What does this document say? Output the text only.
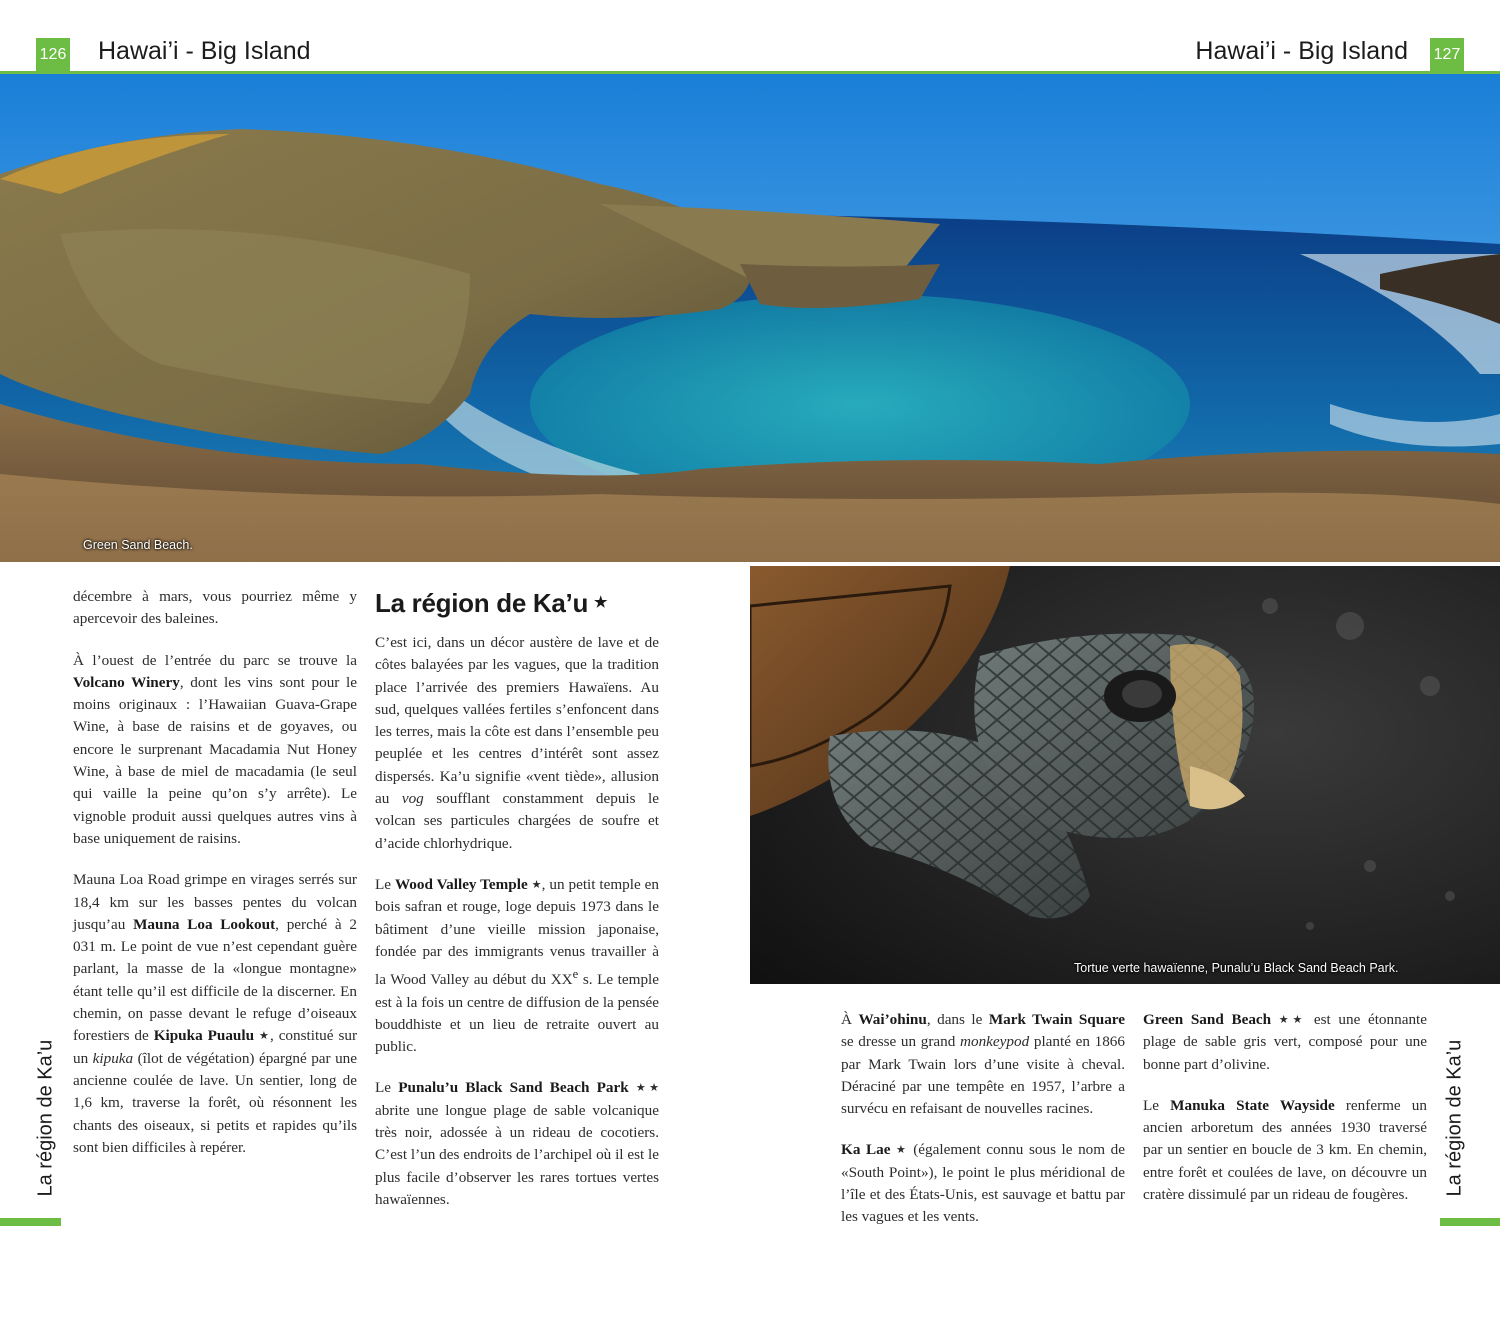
126 Hawai’i - Big Island	Hawai’i - Big Island 127
Green Sand Beach.
Tortue verte hawaïenne, Punalu’u Black Sand Beach Park.

décembre à mars, vous pourriez même y apercevoir des baleines.

À l’ouest de l’entrée du parc se trouve la Volcano Winery, dont les vins sont pour le moins originaux : l’Hawaiian Guava-Grape Wine, à base de raisins et de goyaves, ou encore le surprenant Macadamia Nut Honey Wine, à base de miel de macadamia (le seul qui vaille la peine qu’on s’y arrête). Le vignoble produit aussi quelques autres vins à base uniquement de raisins.

Mauna Loa Road grimpe en virages serrés sur 18,4 km sur les basses pentes du volcan jusqu’au Mauna Loa Lookout, perché à 2 031 m. Le point de vue n’est cependant guère parlant, la masse de la «longue montagne» étant telle qu’il est difficile de la discerner. En chemin, on passe devant le refuge d’oiseaux forestiers de Kipuka Puaulu ★, constitué sur un kipuka (îlot de végétation) épargné par une ancienne coulée de lave. Un sentier, long de 1,6 km, traverse la forêt, où résonnent les chants des oiseaux, si petits et rapides qu’ils sont bien difficiles à repérer.

La région de Ka’u ★

C’est ici, dans un décor austère de lave et de côtes balayées par les vagues, que la tradition place l’arrivée des premiers Hawaïens. Au sud, quelques vallées fertiles s’enfoncent dans les terres, mais la côte est dans l’ensemble peu peuplée et les centres d’intérêt sont assez dispersés. Ka’u signifie «vent tiède», allusion au vog soufflant constamment depuis le volcan ses particules chargées de soufre et d’acide chlorhydrique.

Le Wood Valley Temple ★, un petit temple en bois safran et rouge, loge depuis 1973 dans le bâtiment d’une vieille mission japonaise, fondée par des immigrants venus travailler à la Wood Valley au début du XXe s. Le temple est à la fois un centre de diffusion de la pensée bouddhiste et un lieu de retraite ouvert au public.

Le Punalu’u Black Sand Beach Park ★★ abrite une longue plage de sable volcanique très noir, adossée à un rideau de cocotiers. C’est l’un des endroits de l’archipel où il est le plus facile d’observer les rares tortues vertes hawaïennes.

À Wai’ohinu, dans le Mark Twain Square se dresse un grand monkeypod planté en 1866 par Mark Twain lors d’une visite à cheval. Déraciné par une tempête en 1957, l’arbre a survécu en refaisant de nouvelles racines.

Ka Lae ★ (également connu sous le nom de «South Point»), le point le plus méridional de l’île et des États-Unis, est sauvage et battu par les vagues et les vents.

Green Sand Beach ★★ est une étonnante plage de sable gris vert, composé pour une bonne part d’olivine.

Le Manuka State Wayside renferme un ancien arboretum des années 1930 traversé par un sentier en boucle de 3 km. En chemin, entre forêt et coulées de lave, on découvre un cratère dissimulé par un rideau de fougères.

La région de Ka’u	La région de Ka’u
